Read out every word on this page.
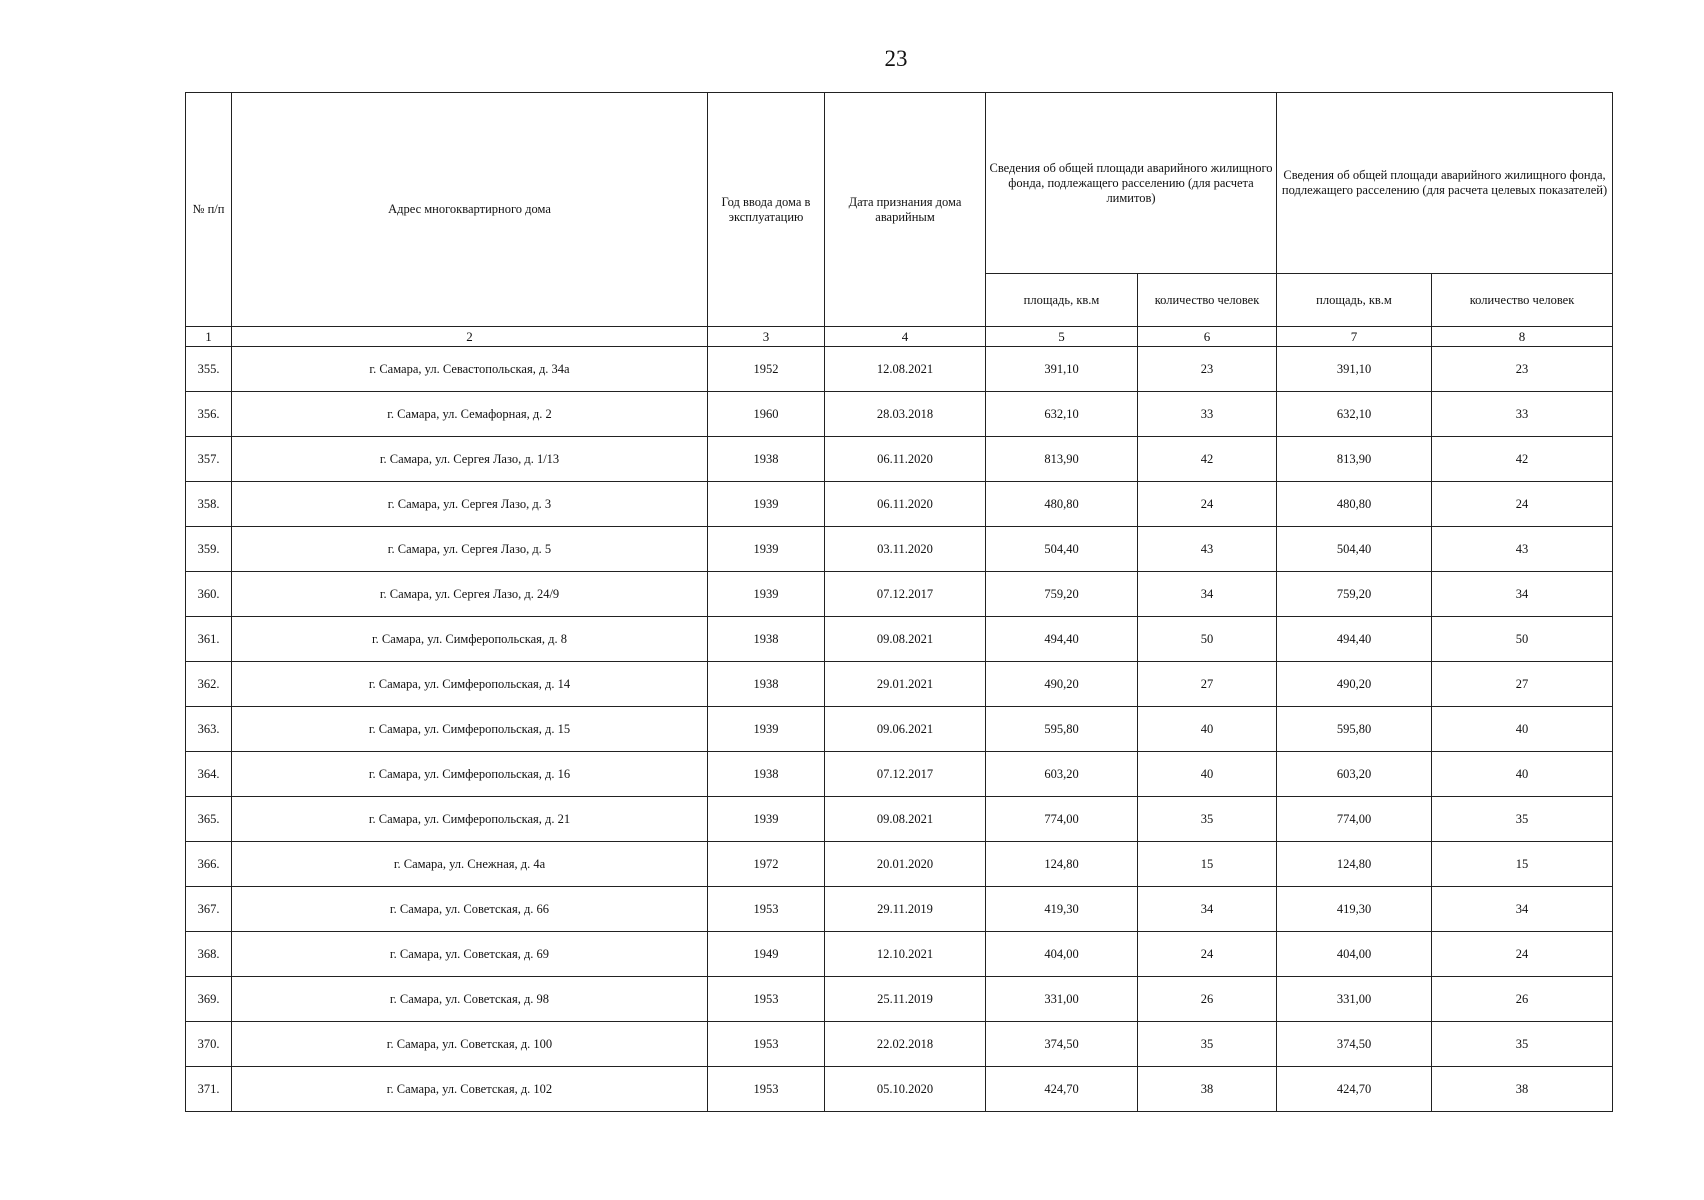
23
№ п/п	Адрес многоквартирного дома	Год ввода дома в эксплуатацию	Дата признания дома аварийным	Сведения об общей площади аварийного жилищного фонда, подлежащего расселению (для расчета лимитов)		Сведения об общей площади аварийного жилищного фонда, подлежащего расселению (для расчета целевых показателей)	
				площадь, кв.м	количество человек	площадь, кв.м	количество человек
1	2	3	4	5	6	7	8
355.	г. Самара, ул. Севастопольская, д. 34а	1952	12.08.2021	391,10	23	391,10	23
356.	г. Самара, ул. Семафорная, д. 2	1960	28.03.2018	632,10	33	632,10	33
357.	г. Самара, ул. Сергея Лазо, д. 1/13	1938	06.11.2020	813,90	42	813,90	42
358.	г. Самара, ул. Сергея Лазо, д. 3	1939	06.11.2020	480,80	24	480,80	24
359.	г. Самара, ул. Сергея Лазо, д. 5	1939	03.11.2020	504,40	43	504,40	43
360.	г. Самара, ул. Сергея Лазо, д. 24/9	1939	07.12.2017	759,20	34	759,20	34
361.	г. Самара, ул. Симферопольская, д. 8	1938	09.08.2021	494,40	50	494,40	50
362.	г. Самара, ул. Симферопольская, д. 14	1938	29.01.2021	490,20	27	490,20	27
363.	г. Самара, ул. Симферопольская, д. 15	1939	09.06.2021	595,80	40	595,80	40
364.	г. Самара, ул. Симферопольская, д. 16	1938	07.12.2017	603,20	40	603,20	40
365.	г. Самара, ул. Симферопольская, д. 21	1939	09.08.2021	774,00	35	774,00	35
366.	г. Самара, ул. Снежная, д. 4а	1972	20.01.2020	124,80	15	124,80	15
367.	г. Самара, ул. Советская, д. 66	1953	29.11.2019	419,30	34	419,30	34
368.	г. Самара, ул. Советская, д. 69	1949	12.10.2021	404,00	24	404,00	24
369.	г. Самара, ул. Советская, д. 98	1953	25.11.2019	331,00	26	331,00	26
370.	г. Самара, ул. Советская, д. 100	1953	22.02.2018	374,50	35	374,50	35
371.	г. Самара, ул. Советская, д. 102	1953	05.10.2020	424,70	38	424,70	38
